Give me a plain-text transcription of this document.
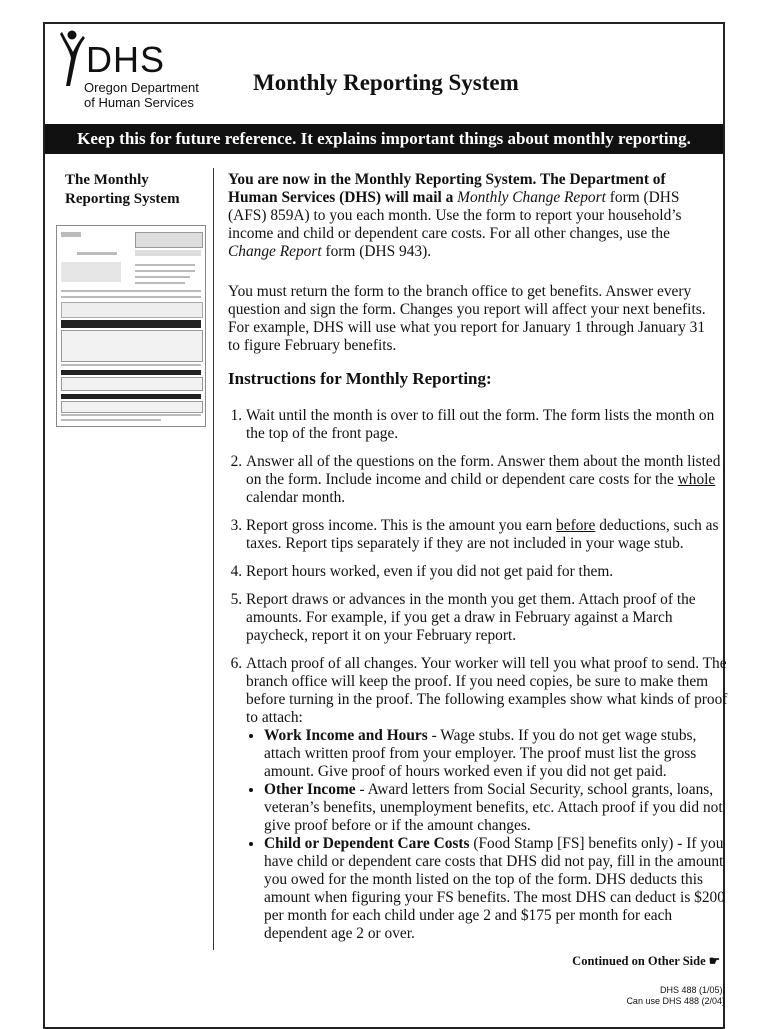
DHS
Oregon Department
of Human Services
Monthly Reporting System
Keep this for future reference. It explains important things about monthly reporting.
The Monthly
Reporting System
You are now in the Monthly Reporting System. The Department of Human Services (DHS) will mail a Monthly Change Report form (DHS (AFS) 859A) to you each month. Use the form to report your household’s income and child or dependent care costs. For all other changes, use the Change Report form (DHS 943).
You must return the form to the branch office to get benefits. Answer every question and sign the form. Changes you report will affect your next benefits. For example, DHS will use what you report for January 1 through January 31 to figure February benefits.
Instructions for Monthly Reporting:
1. Wait until the month is over to fill out the form. The form lists the month on the top of the front page.
2. Answer all of the questions on the form. Answer them about the month listed on the form. Include income and child or dependent care costs for the whole calendar month.
3. Report gross income. This is the amount you earn before deductions, such as taxes. Report tips separately if they are not included in your wage stub.
4. Report hours worked, even if you did not get paid for them.
5. Report draws or advances in the month you get them. Attach proof of the amounts. For example, if you get a draw in February against a March paycheck, report it on your February report.
6. Attach proof of all changes. Your worker will tell you what proof to send. The branch office will keep the proof. If you need copies, be sure to make them before turning in the proof. The following examples show what kinds of proof to attach:
• Work Income and Hours - Wage stubs. If you do not get wage stubs, attach written proof from your employer. The proof must list the gross amount. Give proof of hours worked even if you did not get paid.
• Other Income - Award letters from Social Security, school grants, loans, veteran’s benefits, unemployment benefits, etc. Attach proof if you did not give proof before or if the amount changes.
• Child or Dependent Care Costs (Food Stamp [FS] benefits only) - If you have child or dependent care costs that DHS did not pay, fill in the amount you owed for the month listed on the top of the form. DHS deducts this amount when figuring your FS benefits. The most DHS can deduct is $200 per month for each child under age 2 and $175 per month for each dependent age 2 or over.
Continued on Other Side ☛
DHS 488 (1/05),
Can use DHS 488 (2/04)
